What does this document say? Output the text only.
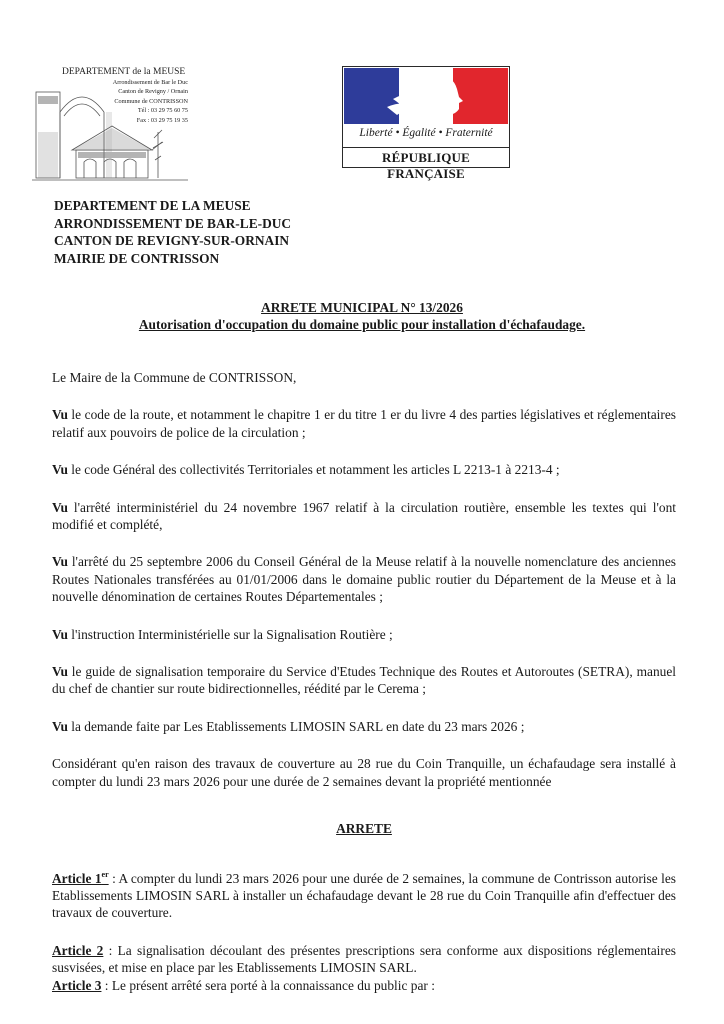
DEPARTEMENT de la MEUSE
Arrondissement de Bar le Duc
Canton de Revigny / Ornain
Commune de CONTRISSON
Tél : 03 29 75 60 75
Fax : 03 29 75 19 35
Liberté • Égalité • Fraternité
RÉPUBLIQUE FRANÇAISE
DEPARTEMENT DE LA MEUSE
ARRONDISSEMENT DE BAR-LE-DUC
CANTON DE REVIGNY-SUR-ORNAIN
MAIRIE DE CONTRISSON
ARRETE MUNICIPAL N° 13/2026
Autorisation d'occupation du domaine public pour installation d'échafaudage.

Le Maire de la Commune de CONTRISSON,

Vu le code de la route, et notamment le chapitre 1 er du titre 1 er du livre 4 des parties législatives et réglementaires relatif aux pouvoirs de police de la circulation ;

Vu le code Général des collectivités Territoriales et notamment les articles L 2213-1 à 2213-4 ;

Vu l'arrêté interministériel du 24 novembre 1967 relatif à la circulation routière, ensemble les textes qui l'ont modifié et complété,

Vu l'arrêté du 25 septembre 2006 du Conseil Général de la Meuse relatif à la nouvelle nomenclature des anciennes Routes Nationales transférées au 01/01/2006 dans le domaine public routier du Département de la Meuse et à la nouvelle dénomination de certaines Routes Départementales ;

Vu l'instruction Interministérielle sur la Signalisation Routière ;

Vu le guide de signalisation temporaire du Service d'Etudes Technique des Routes et Autoroutes (SETRA), manuel du chef de chantier sur route bidirectionnelles, réédité par le Cerema ;

Vu la demande faite par Les Etablissements LIMOSIN SARL en date du 23 mars 2026 ;

Considérant qu'en raison des travaux de couverture au 28 rue du Coin Tranquille, un échafaudage sera installé à compter du lundi 23 mars 2026 pour une durée de 2 semaines devant la propriété mentionnée

ARRETE

Article 1er : A compter du lundi 23 mars 2026 pour une durée de 2 semaines, la commune de Contrisson autorise les Etablissements LIMOSIN SARL à installer un échafaudage devant le 28 rue du Coin Tranquille afin d'effectuer des travaux de couverture.

Article 2 : La signalisation découlant des présentes prescriptions sera conforme aux dispositions réglementaires susvisées, et mise en place par les Etablissements LIMOSIN SARL.

Article 3 : Le présent arrêté sera porté à la connaissance du public par :
